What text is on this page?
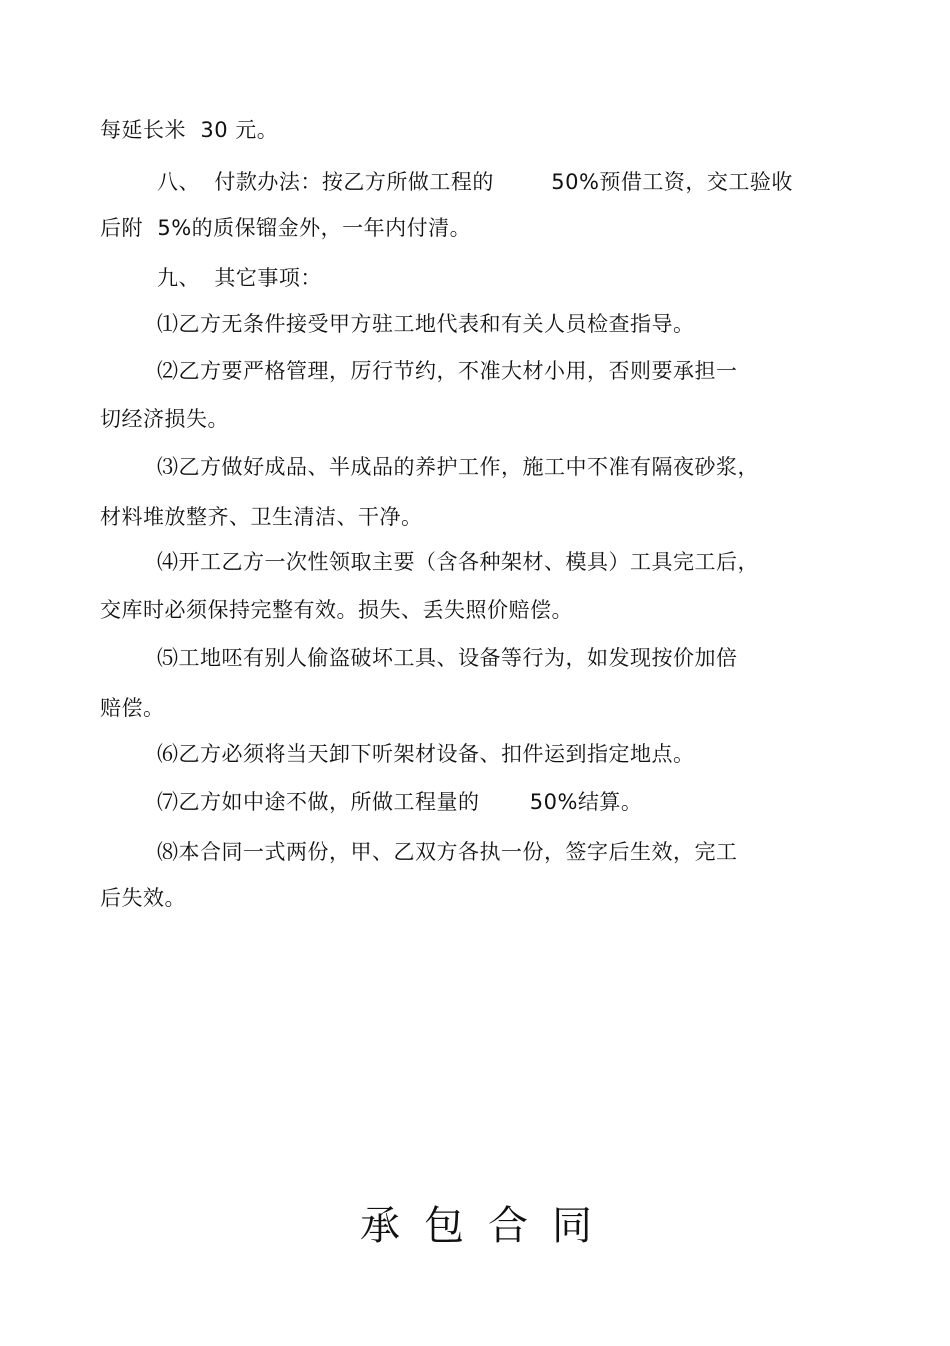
每延长米  30 元。
八、  付款办法：按乙方所做工程的        50%预借工资，交工验收
后附  5%的质保镏金外，一年内付清。
九、  其它事项：
⑴乙方无条件接受甲方驻工地代表和有关人员检查指导。
⑵乙方要严格管理，厉行节约，不准大材小用，否则要承担一
切经济损失。
⑶乙方做好成品、半成品的养护工作，施工中不准有隔夜砂浆，
材料堆放整齐、卫生清洁、干净。
⑷开工乙方一次性领取主要（含各种架材、模具）工具完工后，
交库时必须保持完整有效。损失、丢失照价赔偿。
⑸工地呸有别人偷盗破坏工具、设备等行为，如发现按价加倍
赔偿。
⑹乙方必须将当天卸下听架材设备、扣件运到指定地点。
⑺乙方如中途不做，所做工程量的       50%结算。
⑻本合同一式两份，甲、乙双方各执一份，签字后生效，完工
后失效。
承包合同
